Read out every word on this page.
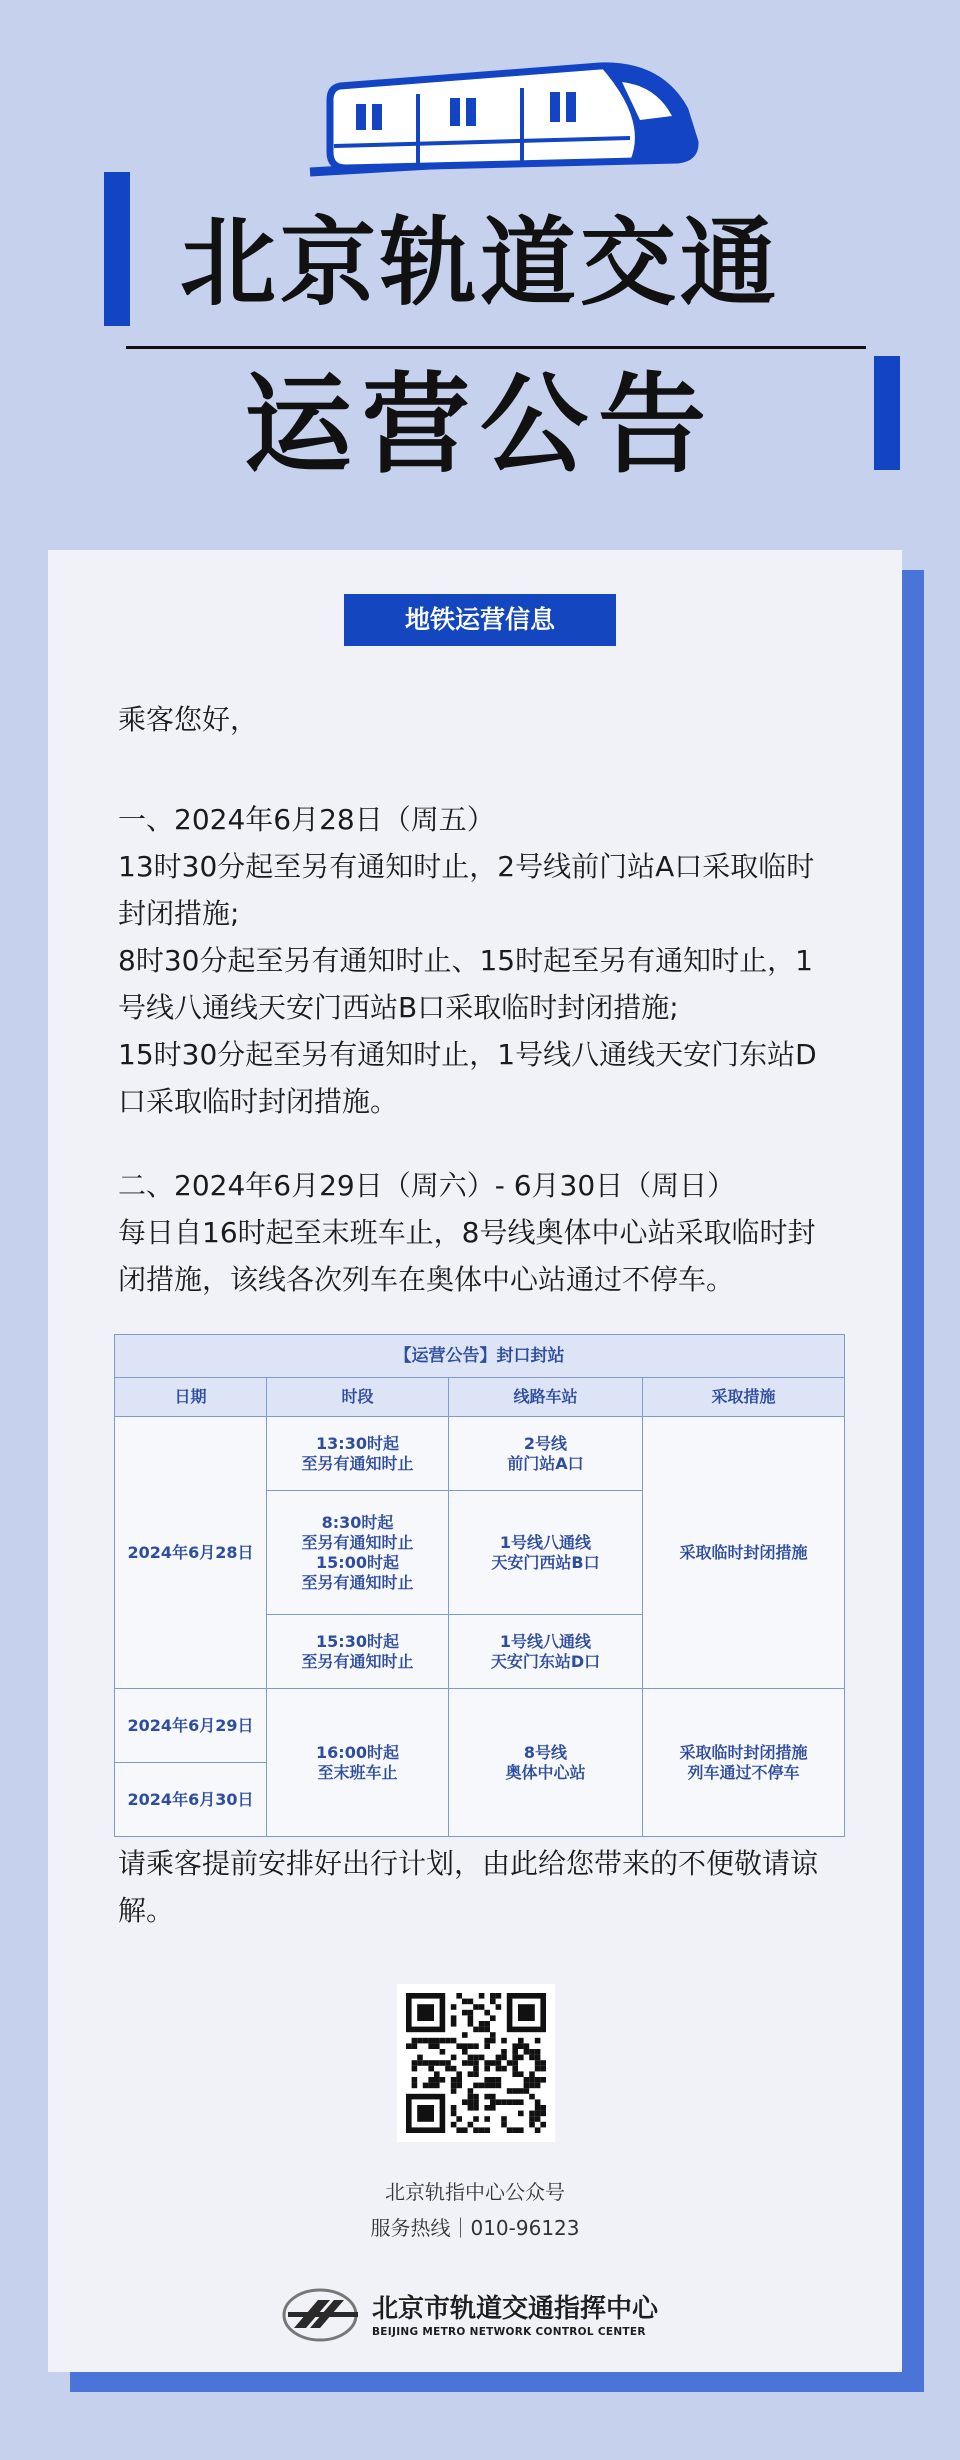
北京轨道交通
运营公告
地铁运营信息

乘客您好，

一、2024年6月28日（周五）
13时30分起至另有通知时止，2号线前门站A口采取临时
封闭措施;
8时30分起至另有通知时止、15时起至另有通知时止，1
号线八通线天安门西站B口采取临时封闭措施;
15时30分起至另有通知时止，1号线八通线天安门东站D
口采取临时封闭措施。
二、2024年6月29日（周六）- 6月30日（周日）
每日自16时起至末班车止，8号线奥体中心站采取临时封
闭措施，该线各次列车在奥体中心站通过不停车。
【运营公告】封口封站			
日期	时段	线路车站	采取措施
2024年6月28日	13:30时起
至另有通知时止	2号线
前门站A口	采取临时封闭措施

	8:30时起
至另有通知时止
15:00时起
至另有通知时止	1号线八通线
天安门西站B口	

	15:30时起
至另有通知时止	1号线八通线
天安门东站D口	

2024年6月29日	16:00时起
至末班车止	8号线
奥体中心站	采取临时封闭措施
列车通过不停车

2024年6月30日			
请乘客提前安排好出行计划，由此给您带来的不便敬请谅
解。
北京轨指中心公众号
服务热线｜010-96123
北京市轨道交通指挥中心
BEIJING METRO NETWORK CONTROL CENTER
